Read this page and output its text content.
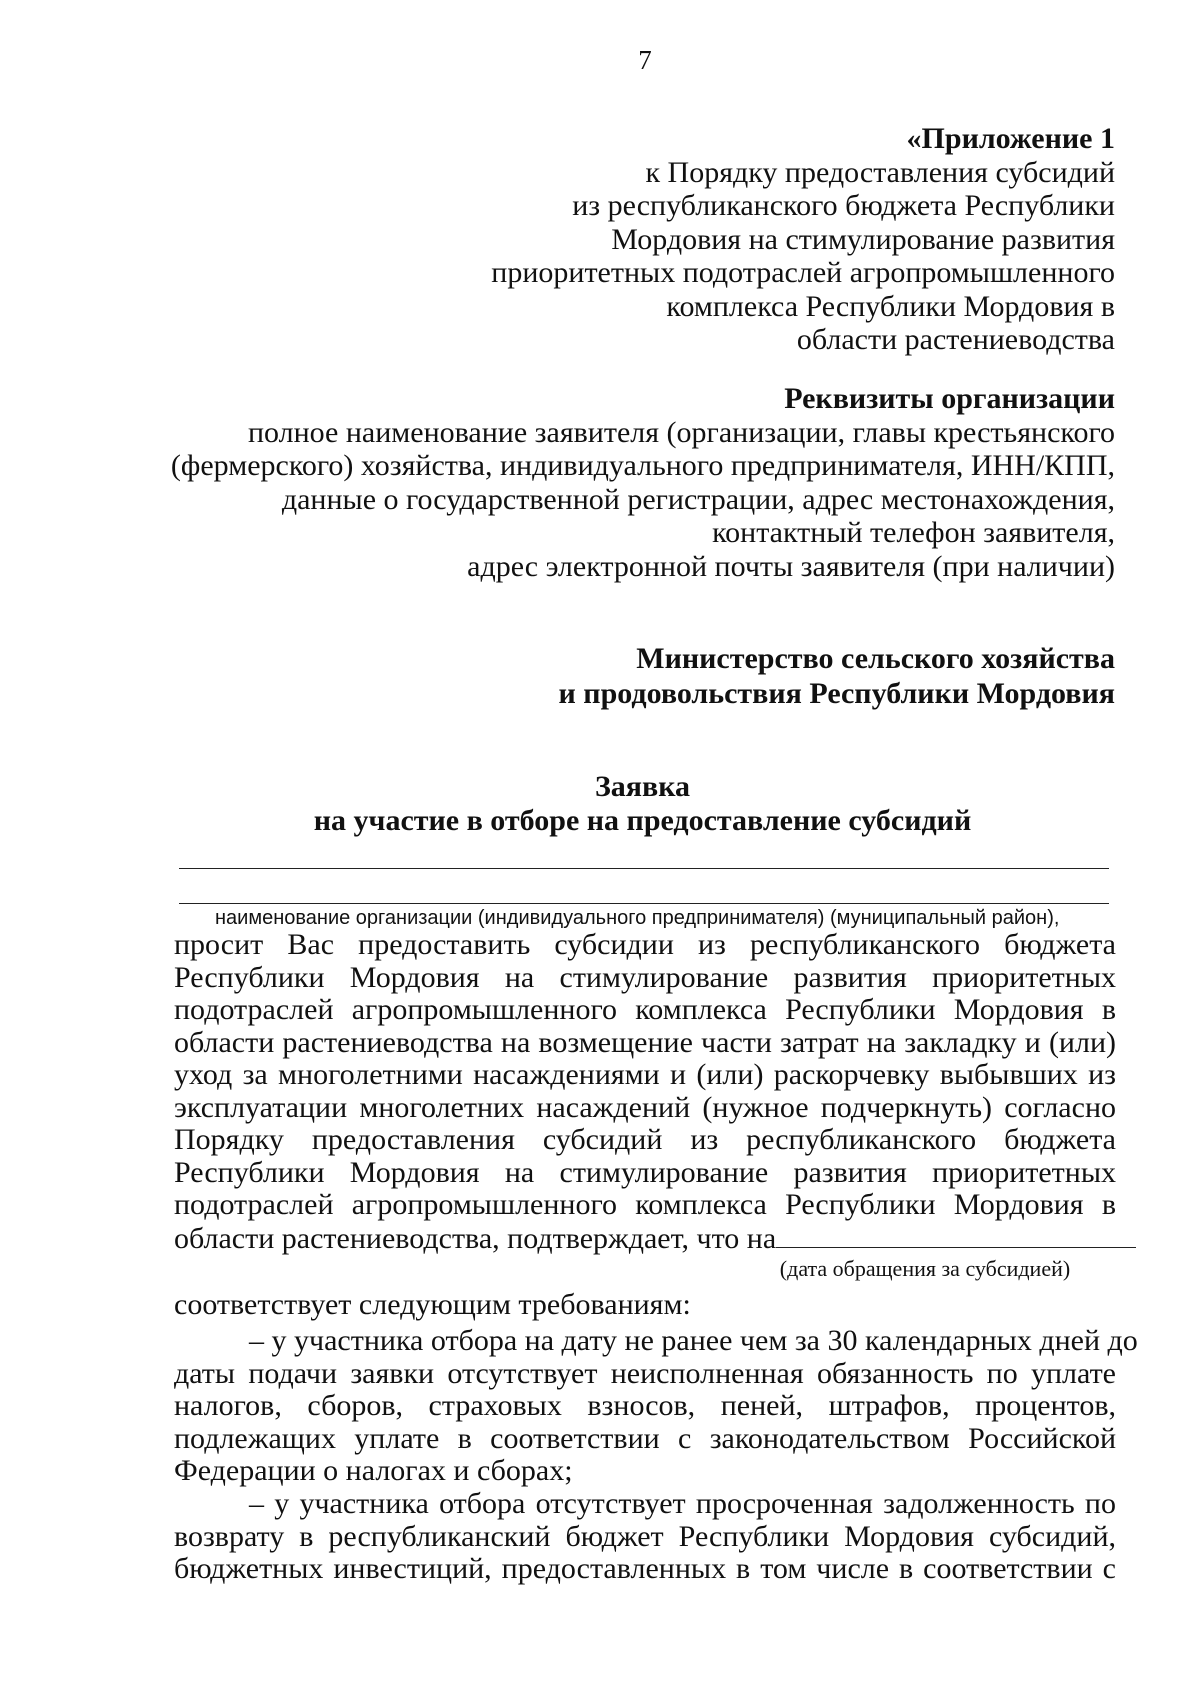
7
«Приложение 1
к Порядку предоставления субсидий
из республиканского бюджета Республики
Мордовия на стимулирование развития
приоритетных подотраслей агропромышленного
комплекса Республики Мордовия в
области растениеводства
Реквизиты организации
полное наименование заявителя (организации, главы крестьянского
(фермерского) хозяйства, индивидуального предпринимателя, ИНН/КПП,
данные о государственной регистрации, адрес местонахождения,
контактный телефон заявителя,
адрес электронной почты заявителя (при наличии)
Министерство сельского хозяйства
и продовольствия Республики Мордовия
Заявка
на участие в отборе на предоставление субсидий
наименование организации (индивидуального предпринимателя) (муниципальный район),
просит Вас предоставить субсидии из республиканского бюджета
Республики Мордовия на стимулирование развития приоритетных
подотраслей агропромышленного комплекса Республики Мордовия в
области растениеводства на возмещение части затрат на закладку и (или)
уход за многолетними насаждениями и (или) раскорчевку выбывших из
эксплуатации многолетних насаждений (нужное подчеркнуть) согласно
Порядку предоставления субсидий из республиканского бюджета
Республики Мордовия на стимулирование развития приоритетных
подотраслей агропромышленного комплекса Республики Мордовия в
области растениеводства, подтверждает, что на
(дата обращения за субсидией)
соответствует следующим требованиям:
– у участника отбора на дату не ранее чем за 30 календарных дней до
даты подачи заявки отсутствует неисполненная обязанность по уплате
налогов, сборов, страховых взносов, пеней, штрафов, процентов,
подлежащих уплате в соответствии с законодательством Российской
Федерации о налогах и сборах;
– у участника отбора отсутствует просроченная задолженность по
возврату в республиканский бюджет Республики Мордовия субсидий,
бюджетных инвестиций, предоставленных в том числе в соответствии с
